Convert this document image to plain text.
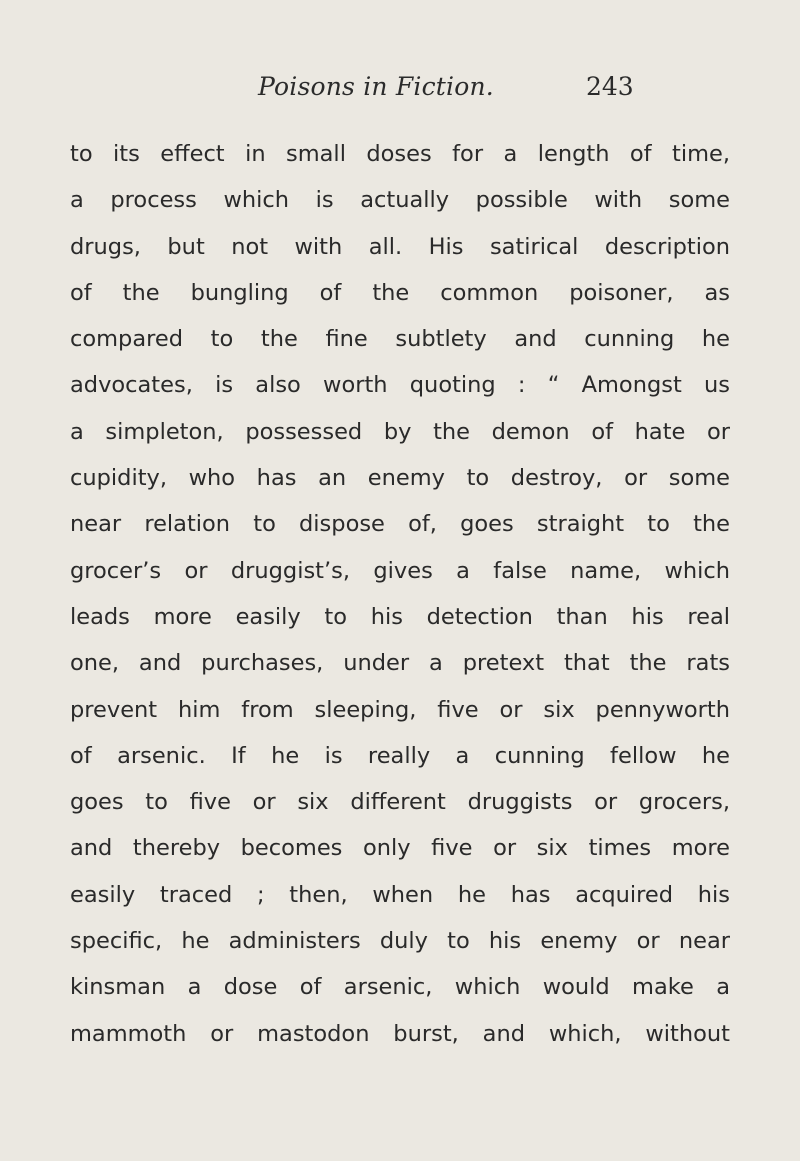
Poisons in Fiction.	243
to its effect in small doses for a length of time,
a process which is actually possible with some
drugs, but not with all. His satirical description
of the bungling of the common poisoner, as
compared to the fine subtlety and cunning he
advocates, is also worth quoting : “ Amongst us
a simpleton, possessed by the demon of hate or
cupidity, who has an enemy to destroy, or some
near relation to dispose of, goes straight to the
grocer’s or druggist’s, gives a false name, which
leads more easily to his detection than his real
one, and purchases, under a pretext that the rats
prevent him from sleeping, five or six pennyworth
of arsenic. If he is really a cunning fellow he
goes to five or six different druggists or grocers,
and thereby becomes only five or six times more
easily traced ; then, when he has acquired his
specific, he administers duly to his enemy or near
kinsman a dose of arsenic, which would make a
mammoth or mastodon burst, and which, without
